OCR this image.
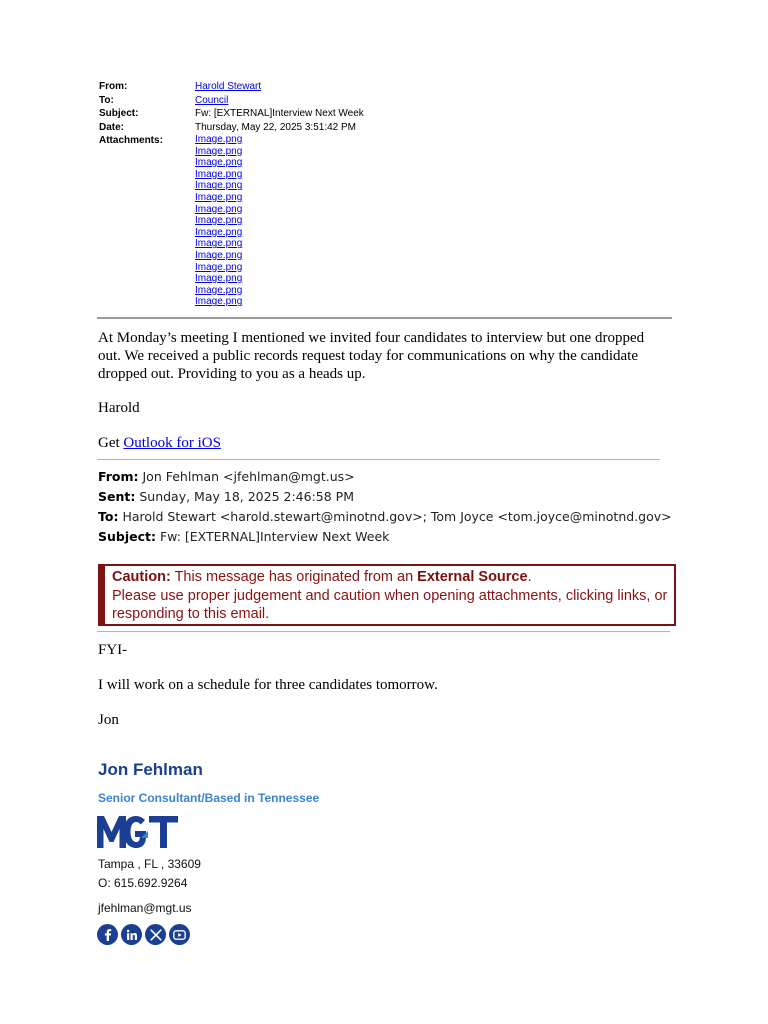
From:	Harold Stewart
To:	Council
Subject:	Fw: [EXTERNAL]Interview Next Week
Date:	Thursday, May 22, 2025 3:51:42 PM
Attachments:	Image.png
Image.png
Image.png
Image.png
Image.png
Image.png
Image.png
Image.png
Image.png
Image.png
Image.png
Image.png
Image.png
Image.png
Image.png
At Monday’s meeting I mentioned we invited four candidates to interview but one dropped out. We received a public records request today for communications on why the candidate dropped out. Providing to you as a heads up.
Harold
Get Outlook for iOS
From: Jon Fehlman <jfehlman@mgt.us>
Sent: Sunday, May 18, 2025 2:46:58 PM
To: Harold Stewart <harold.stewart@minotnd.gov>; Tom Joyce <tom.joyce@minotnd.gov>
Subject: Fw: [EXTERNAL]Interview Next Week
Caution: This message has originated from an External Source.
Please use proper judgement and caution when opening attachments, clicking links, or responding to this email.
FYI-
I will work on a schedule for three candidates tomorrow.
Jon
Jon Fehlman
Senior Consultant/Based in Tennessee
MGT
Tampa , FL , 33609
O: 615.692.9264
jfehlman@mgt.us
